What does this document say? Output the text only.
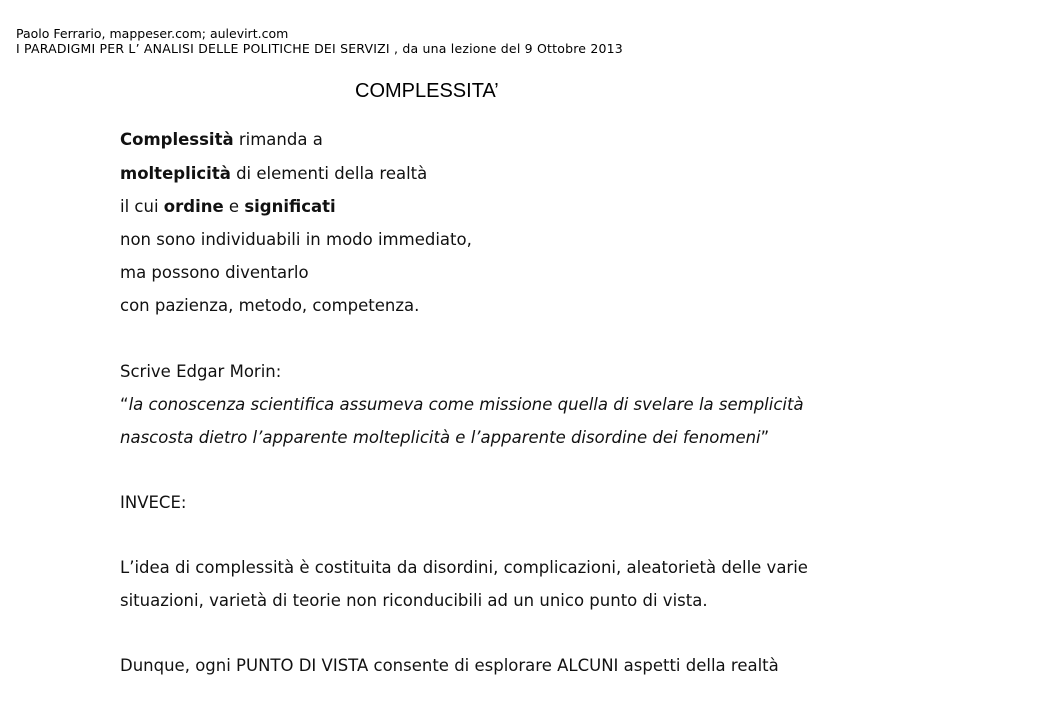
Paolo Ferrario, mappeser.com; aulevirt.com
I PARADIGMI PER L’ ANALISI DELLE POLITICHE DEI SERVIZI , da una lezione del 9 Ottobre 2013
COMPLESSITA’
Complessità rimanda a
molteplicità di elementi della realtà
il cui ordine e significati
non sono individuabili in modo immediato,
ma possono diventarlo
con pazienza, metodo, competenza.
Scrive Edgar Morin:
“la conoscenza scientifica assumeva come missione quella di svelare la semplicità
nascosta dietro l’apparente molteplicità e l’apparente disordine dei fenomeni”
INVECE:
L’idea di complessità è costituita da disordini, complicazioni, aleatorietà delle varie
situazioni, varietà di teorie non riconducibili ad un unico punto di vista.
Dunque, ogni PUNTO DI VISTA consente di esplorare ALCUNI aspetti della realtà
